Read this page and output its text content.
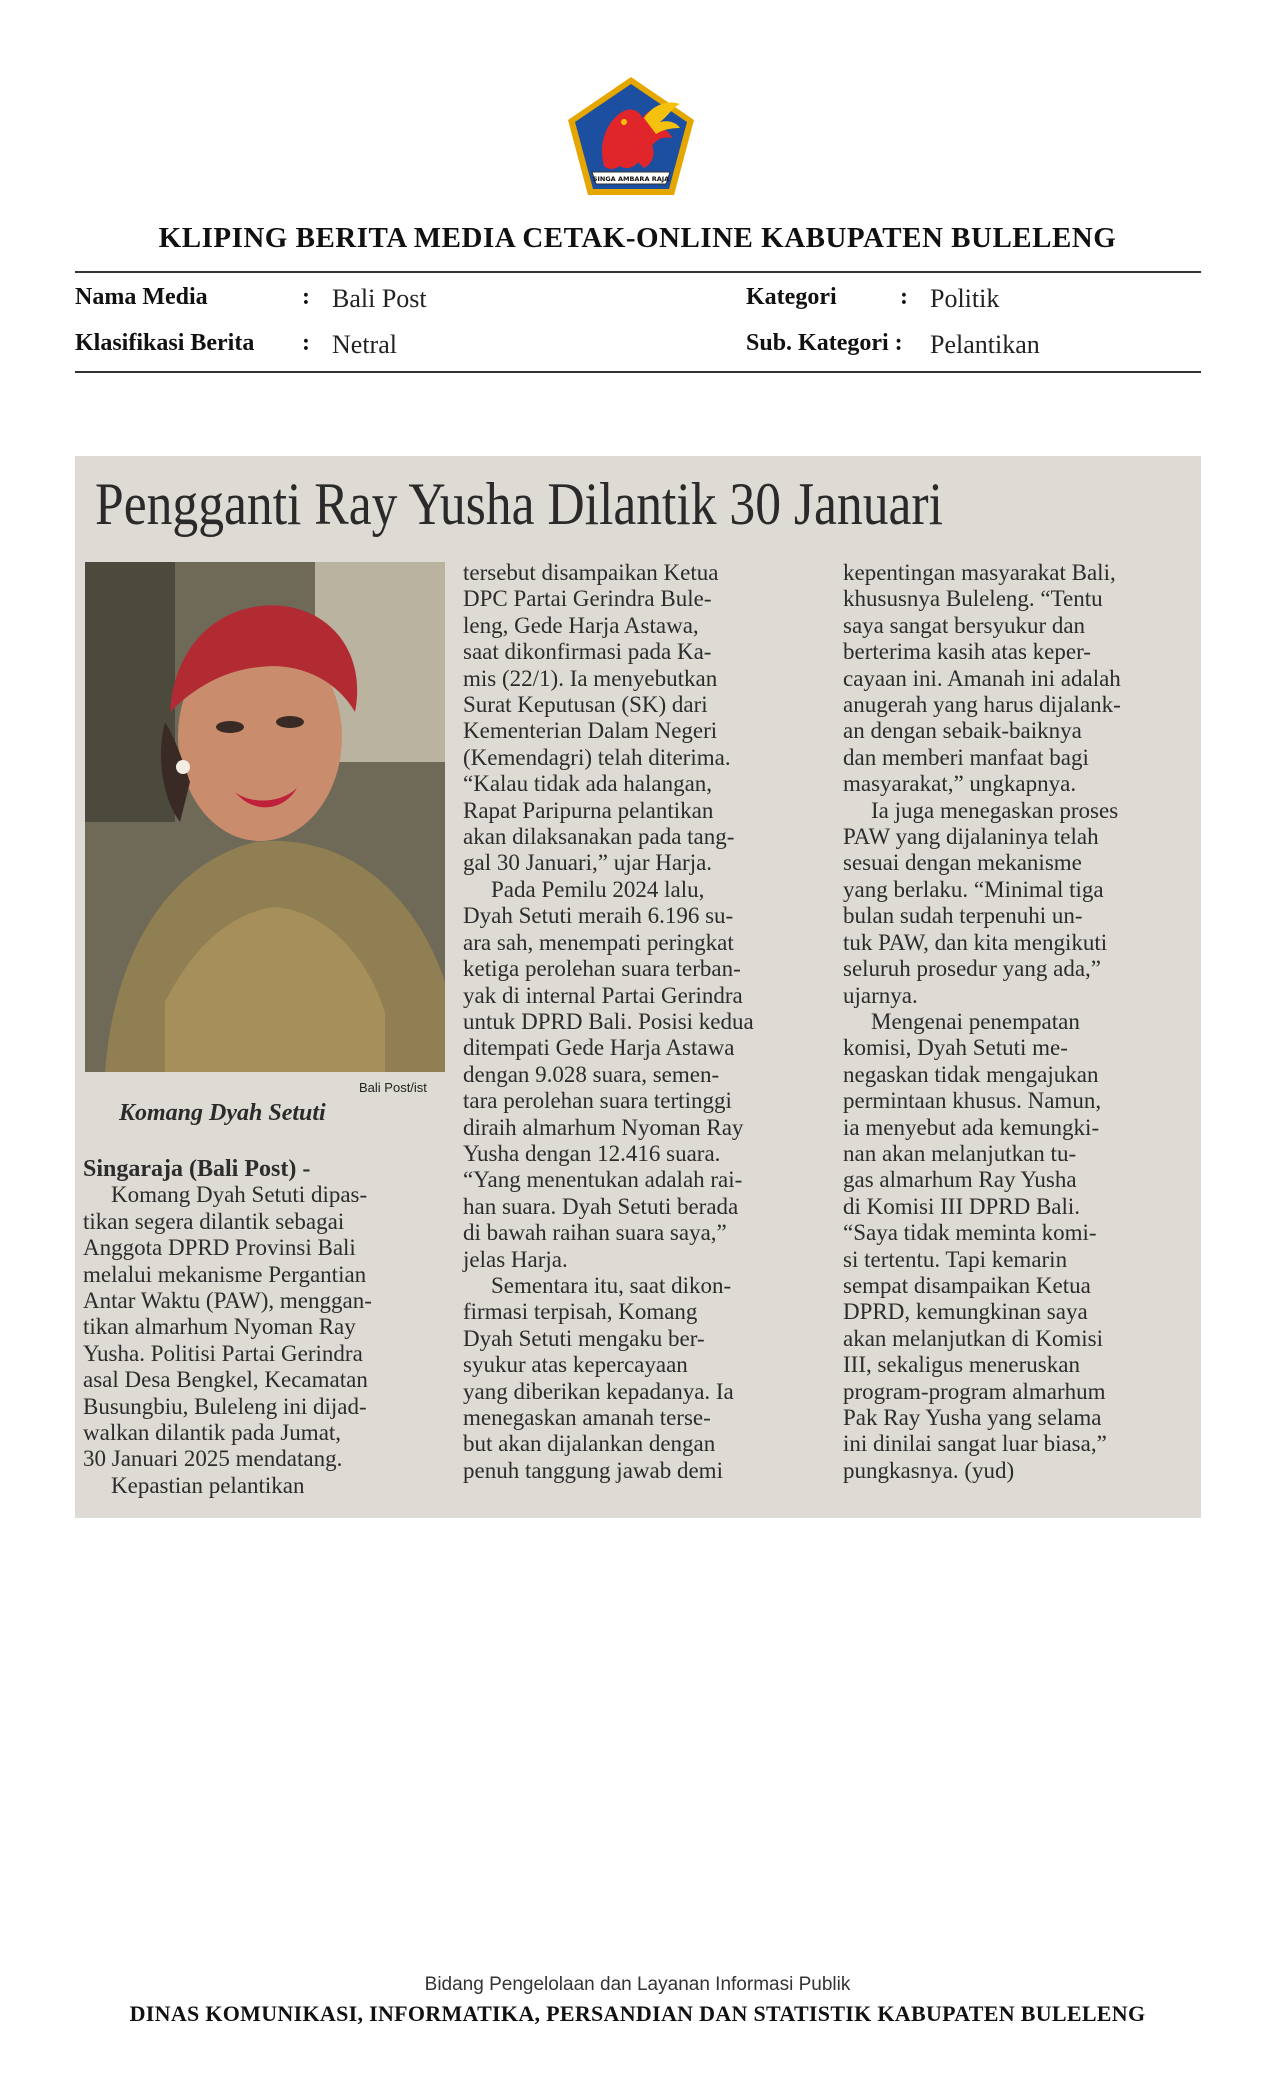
SINGA AMBARA RAJA
KLIPING BERITA MEDIA CETAK-ONLINE KABUPATEN BULELENG
Nama Media	: Bali Post
Klasifikasi Berita : Netral
Kategori	: Politik
Sub. Kategori : Pelantikan
Pengganti Ray Yusha Dilantik 30 Januari
Bali Post/ist
Komang Dyah Setuti

Singaraja (Bali Post) -

Komang Dyah Setuti dipas-

tikan segera dilantik sebagai

Anggota DPRD Provinsi Bali

melalui mekanisme Pergantian

Antar Waktu (PAW), menggan-

tikan almarhum Nyoman Ray

Yusha. Politisi Partai Gerindra

asal Desa Bengkel, Kecamatan

Busungbiu, Buleleng ini dijad-

walkan dilantik pada Jumat,

30 Januari 2025 mendatang.

Kepastian pelantikan

tersebut disampaikan Ketua

DPC Partai Gerindra Bule-

leng, Gede Harja Astawa,

saat dikonfirmasi pada Ka-

mis (22/1). Ia menyebutkan

Surat Keputusan (SK) dari

Kementerian Dalam Negeri

(Kemendagri) telah diterima.

“Kalau tidak ada halangan,

Rapat Paripurna pelantikan

akan dilaksanakan pada tang-

gal 30 Januari,” ujar Harja.

Pada Pemilu 2024 lalu,

Dyah Setuti meraih 6.196 su-

ara sah, menempati peringkat

ketiga perolehan suara terban-

yak di internal Partai Gerindra

untuk DPRD Bali. Posisi kedua

ditempati Gede Harja Astawa

dengan 9.028 suara, semen-

tara perolehan suara tertinggi

diraih almarhum Nyoman Ray

Yusha dengan 12.416 suara.

“Yang menentukan adalah rai-

han suara. Dyah Setuti berada

di bawah raihan suara saya,”

jelas Harja.

Sementara itu, saat dikon-

firmasi terpisah, Komang

Dyah Setuti mengaku ber-

syukur atas kepercayaan

yang diberikan kepadanya. Ia

menegaskan amanah terse-

but akan dijalankan dengan

penuh tanggung jawab demi

kepentingan masyarakat Bali,

khususnya Buleleng. “Tentu

saya sangat bersyukur dan

berterima kasih atas keper-

cayaan ini. Amanah ini adalah

anugerah yang harus dijalank-

an dengan sebaik-baiknya

dan memberi manfaat bagi

masyarakat,” ungkapnya.

Ia juga menegaskan proses

PAW yang dijalaninya telah

sesuai dengan mekanisme

yang berlaku. “Minimal tiga

bulan sudah terpenuhi un-

tuk PAW, dan kita mengikuti

seluruh prosedur yang ada,”

ujarnya.

Mengenai penempatan

komisi, Dyah Setuti me-

negaskan tidak mengajukan

permintaan khusus. Namun,

ia menyebut ada kemungki-

nan akan melanjutkan tu-

gas almarhum Ray Yusha

di Komisi III DPRD Bali.

“Saya tidak meminta komi-

si tertentu. Tapi kemarin

sempat disampaikan Ketua

DPRD, kemungkinan saya

akan melanjutkan di Komisi

III, sekaligus meneruskan

program-program almarhum

Pak Ray Yusha yang selama

ini dinilai sangat luar biasa,”

pungkasnya. (yud)

Bidang Pengelolaan dan Layanan Informasi Publik
DINAS KOMUNIKASI, INFORMATIKA, PERSANDIAN DAN STATISTIK KABUPATEN BULELENG
